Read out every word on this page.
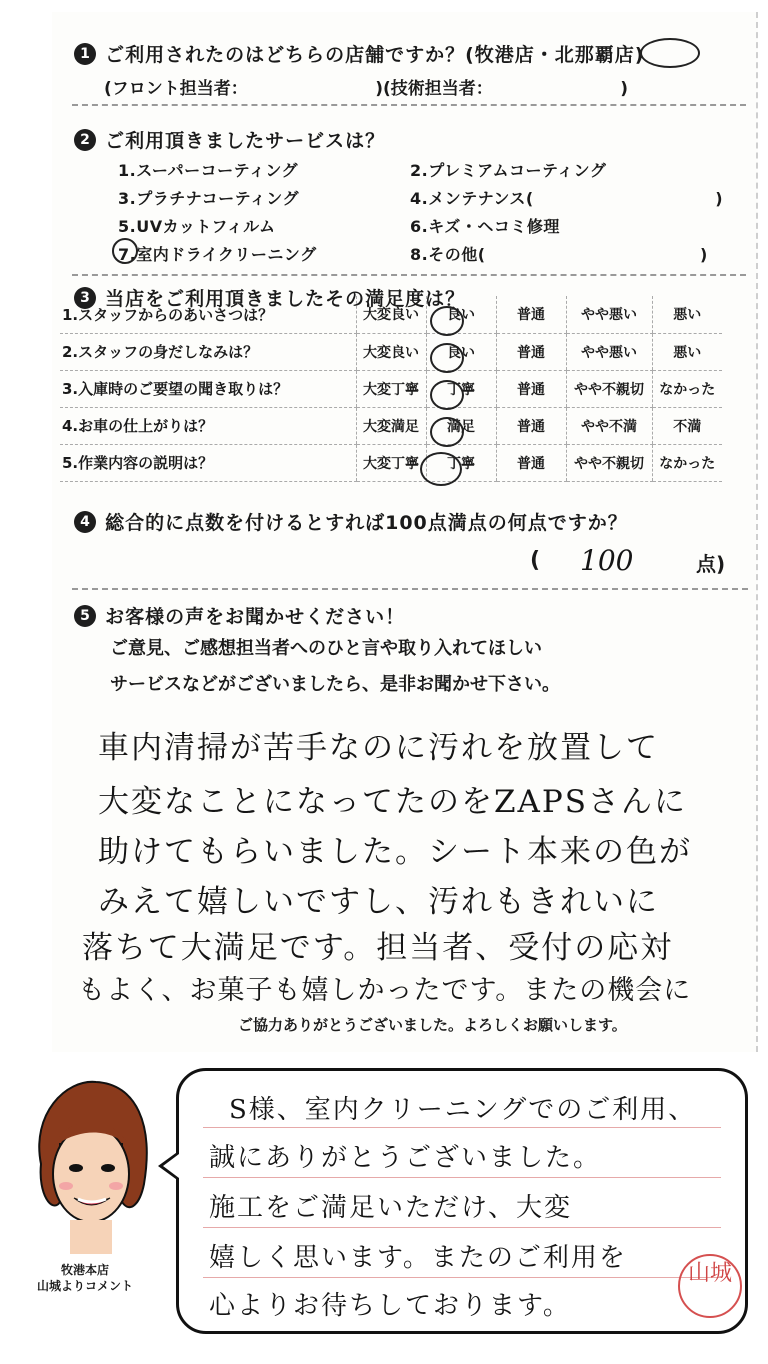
1 ご利用されたのはどちらの店舗ですか？(牧港店・北那覇店)
(フロント担当者：　　　　　　　　)(技術担当者：　　　　　　　　)
2 ご利用頂きましたサービスは？
1.スーパーコーティング	2.プレミアムコーティング
3.プラチナコーティング	4.メンテナンス(　　　　　　　　　　　)
5.UVカットフィルム	6.キズ・ヘコミ修理
7.室内ドライクリーニング	8.その他(　　　　　　　　　　　　　)
3 当店をご利用頂きましたその満足度は？
1.スタッフからのあいさつは？	大変良い	良い	普通	やや悪い	悪い
2.スタッフの身だしなみは？	大変良い	良い	普通	やや悪い	悪い
3.入庫時のご要望の聞き取りは？	大変丁寧	丁寧	普通	やや不親切	なかった
4.お車の仕上がりは？	大変満足	満足	普通	やや不満	不満
5.作業内容の説明は？	大変丁寧	丁寧	普通	やや不親切	なかった
4 総合的に点数を付けるとすれば100点満点の何点ですか？
( 100	点)
5 お客様の声をお聞かせください！
ご意見、ご感想担当者へのひと言や取り入れてほしい
サービスなどがございましたら、是非お聞かせ下さい。
車内清掃が苦手なのに汚れを放置して
大変なことになってたのをZAPSさんに
助けてもらいました。シート本来の色が
みえて嬉しいですし、汚れもきれいに
落ちて大満足です。担当者、受付の応対
もよく、お菓子も嬉しかったです。またの機会に
ご協力ありがとうございました。よろしくお願いします。
牧港本店
山城よりコメント
S様、室内クリーニングでのご利用、
誠にありがとうございました。
施工をご満足いただけ、大変
嬉しく思います。またのご利用を
心よりお待ちしております。
山城
